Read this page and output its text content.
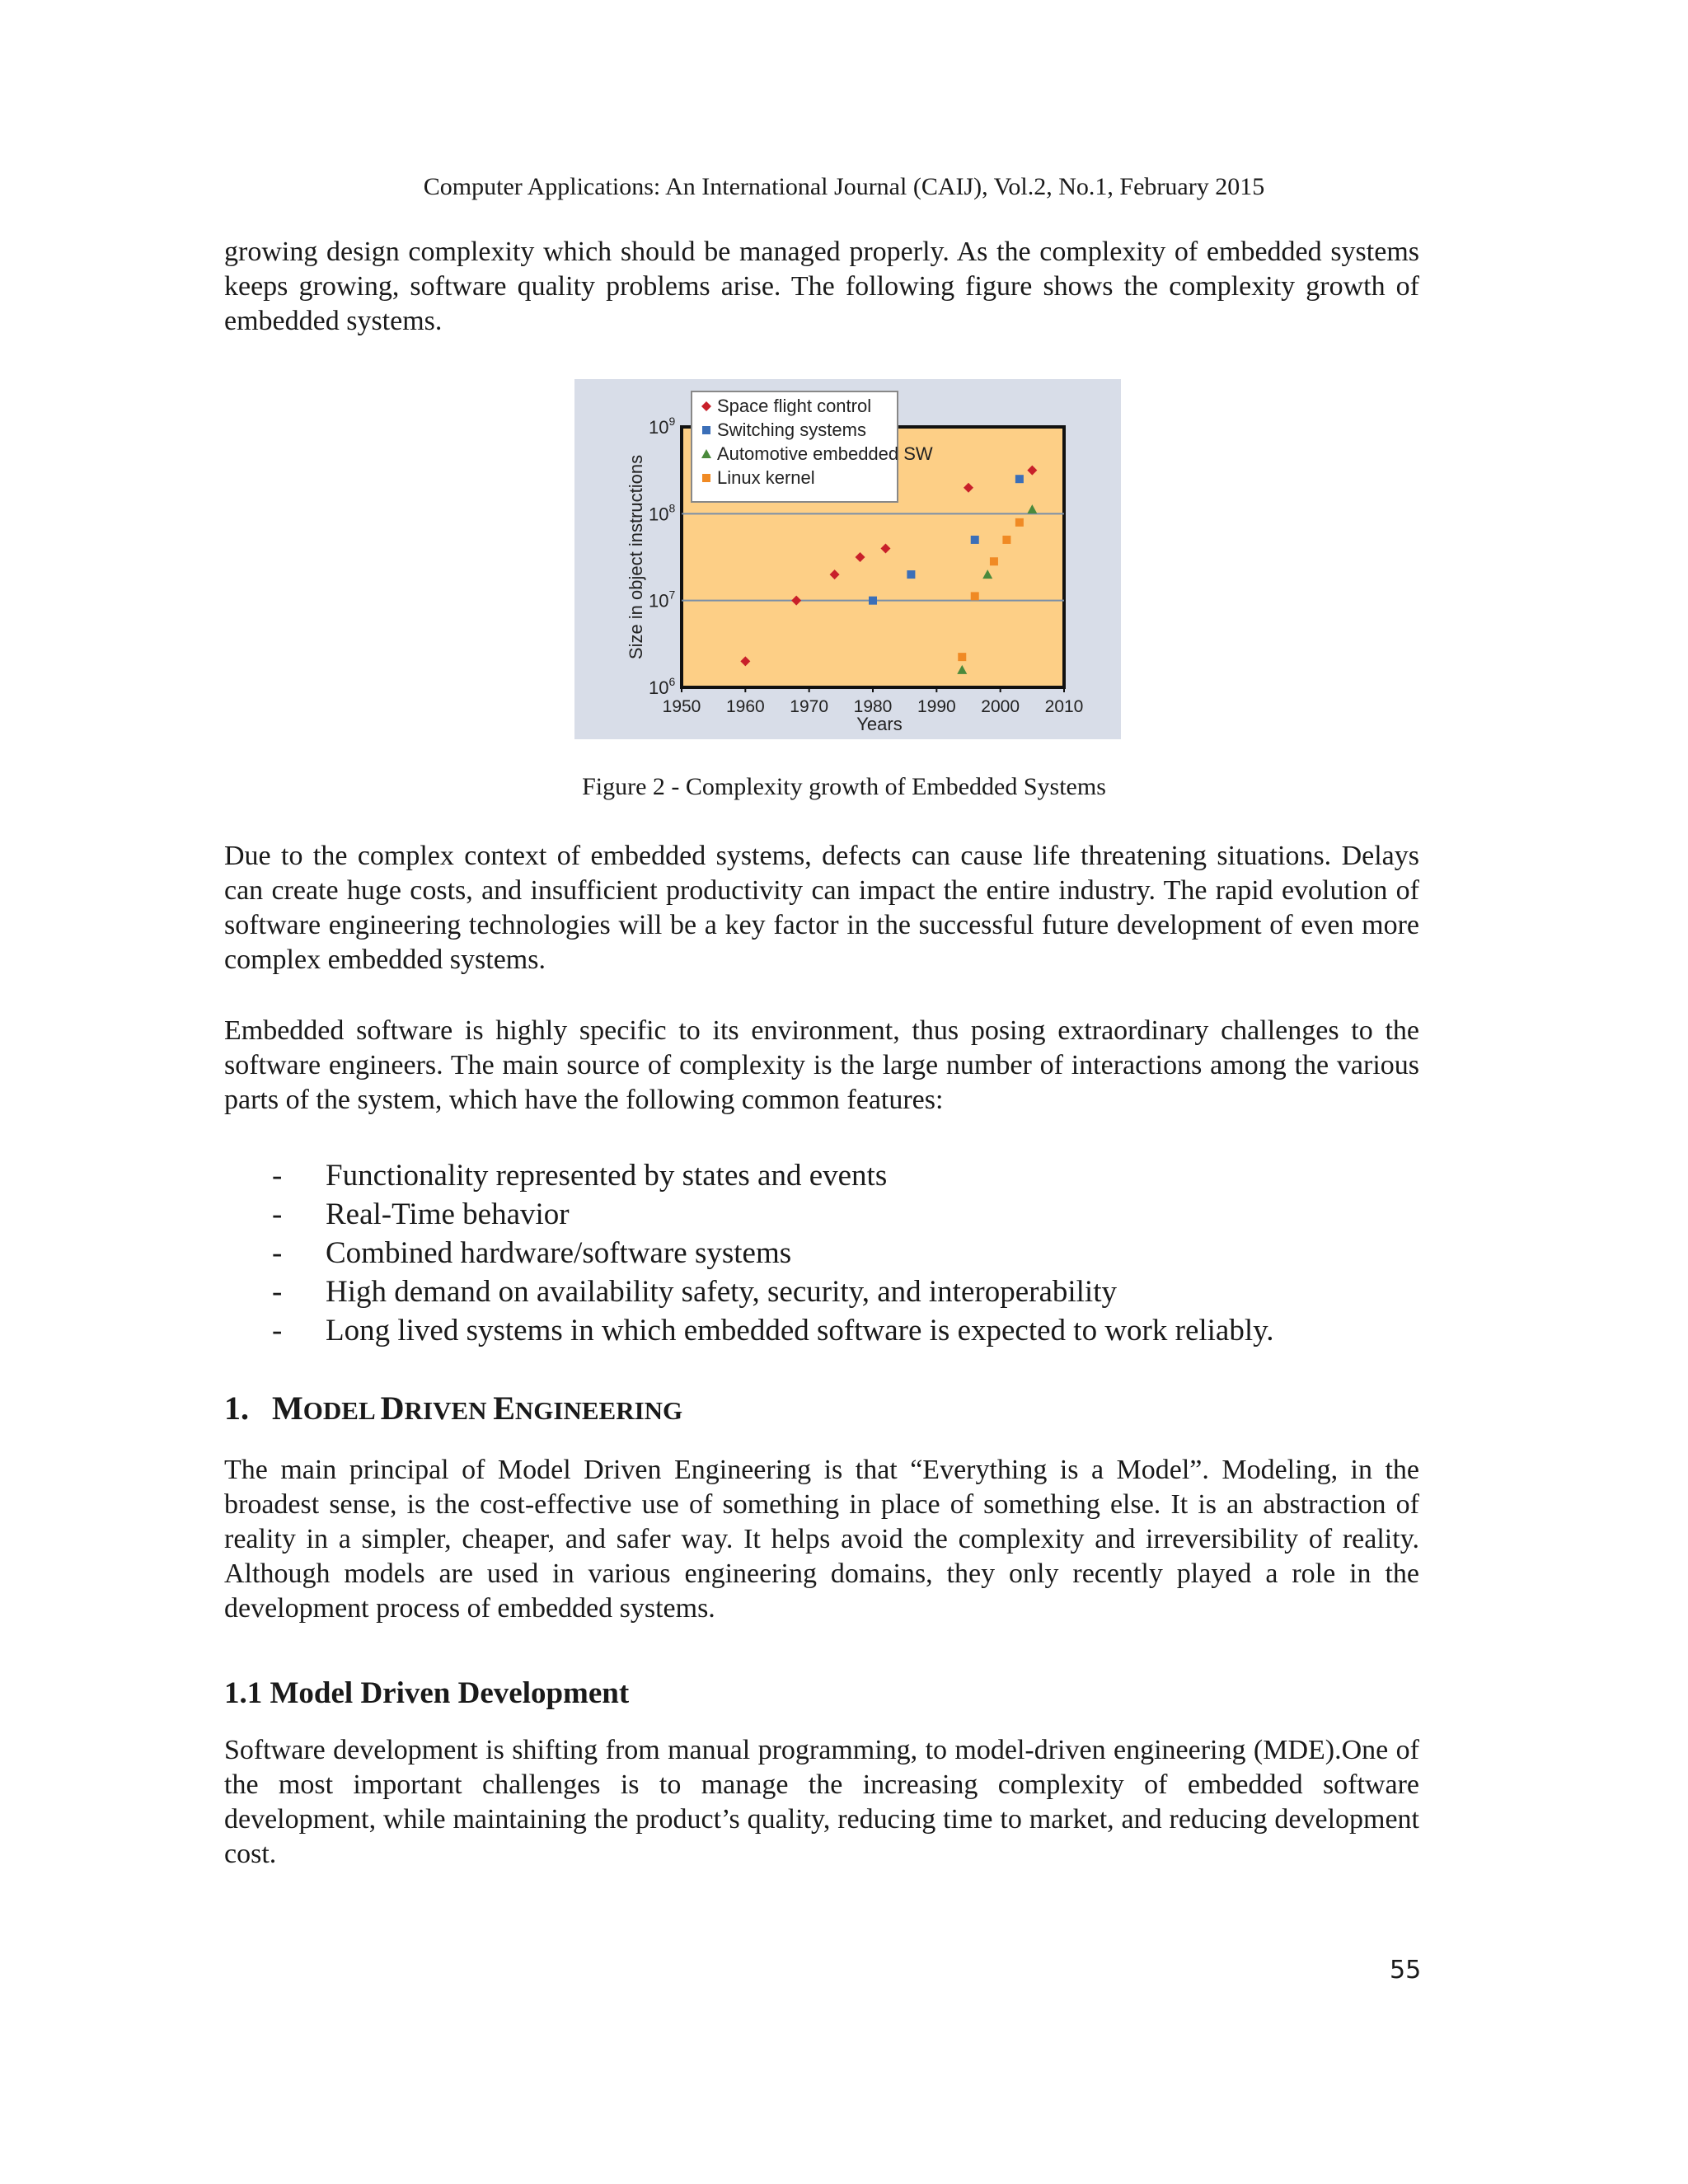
Computer Applications: An International Journal (CAIJ), Vol.2, No.1, February 2015

growing design complexity which should be managed properly. As the complexity of embedded systems keeps growing, software quality problems arise. The following figure shows the complexity growth of embedded systems.

1950 1960 1970 1980 1990 2000 2010
$10^6$
$10^7$
$10^8$
$10^9$
Years
Size in object instructions
Space flight control
Switching systems
Automotive embedded SW
Linux kernel
Figure 2 - Complexity growth of Embedded Systems

Due to the complex context of embedded systems, defects can cause life threatening situations. Delays can create huge costs, and insufficient productivity can impact the entire industry. The rapid evolution of software engineering technologies will be a key factor in the successful future development of even more complex embedded systems.

Embedded software is highly specific to its environment, thus posing extraordinary challenges to the software engineers. The main source of complexity is the large number of interactions among the various parts of the system, which have the following common features:

-	Functionality represented by states and events
-	Real-Time behavior
-	Combined hardware/software systems
-	High demand on availability safety, security, and interoperability
-	Long lived systems in which embedded software is expected to work reliably.
1. MODEL DRIVEN ENGINEERING

The main principal of Model Driven Engineering is that “Everything is a Model”. Modeling, in the broadest sense, is the cost-effective use of something in place of something else. It is an abstraction of reality in a simpler, cheaper, and safer way. It helps avoid the complexity and irreversibility of reality. Although models are used in various engineering domains, they only recently played a role in the development process of embedded systems.

1.1 Model Driven Development

Software development is shifting from manual programming, to model-driven engineering (MDE).One of the most important challenges is to manage the increasing complexity of embedded software development, while maintaining the product’s quality, reducing time to market, and reducing development cost.

55
